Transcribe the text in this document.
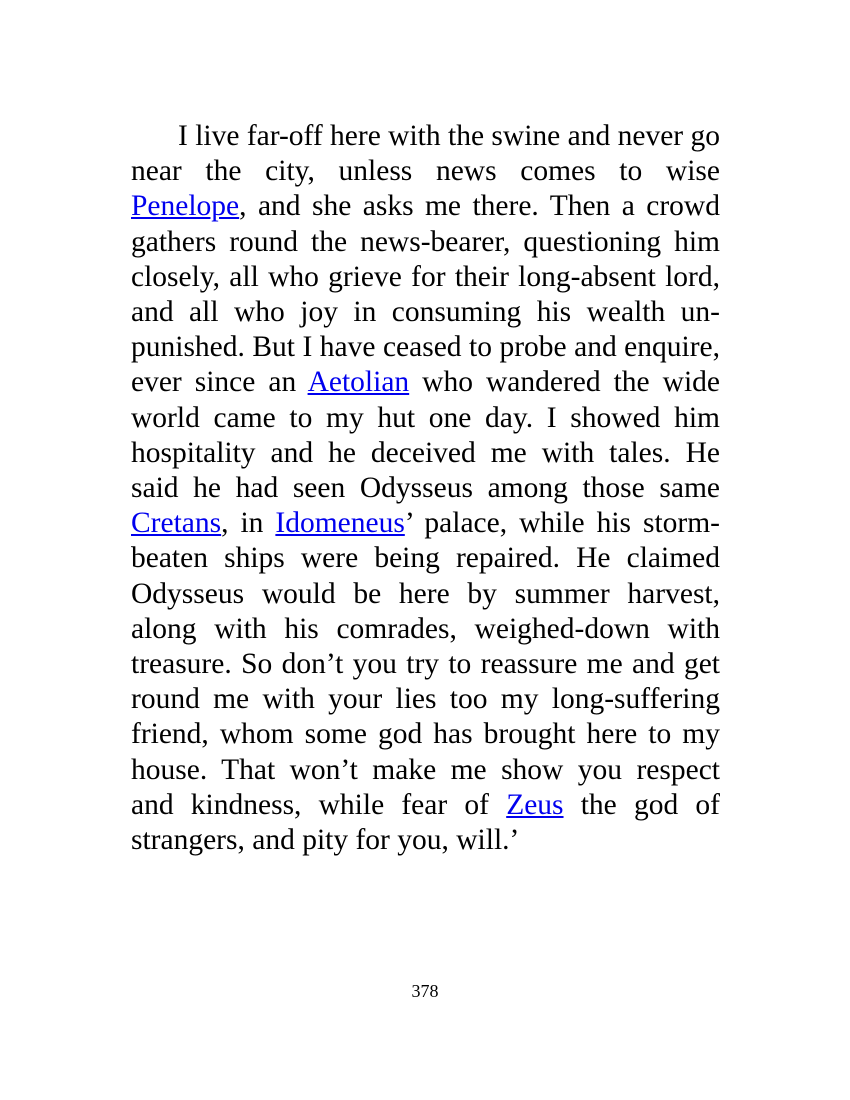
I live far-off here with the swine and never go near the city, unless news comes to wise Penelope, and she asks me there. Then a crowd gathers round the news-bearer, questioning him closely, all who grieve for their long-absent lord, and all who joy in consuming his wealth un-punished. But I have ceased to probe and enquire, ever since an Aetolian who wandered the wide world came to my hut one day. I showed him hospitality and he deceived me with tales. He said he had seen Odysseus among those same Cretans, in Idomeneus’ palace, while his storm-beaten ships were being repaired. He claimed Odysseus would be here by summer harvest, along with his comrades, weighed-down with treasure. So don’t you try to reassure me and get round me with your lies too my long-suffering friend, whom some god has brought here to my house. That won’t make me show you respect and kindness, while fear of Zeus the god of strangers, and pity for you, will.’

378
